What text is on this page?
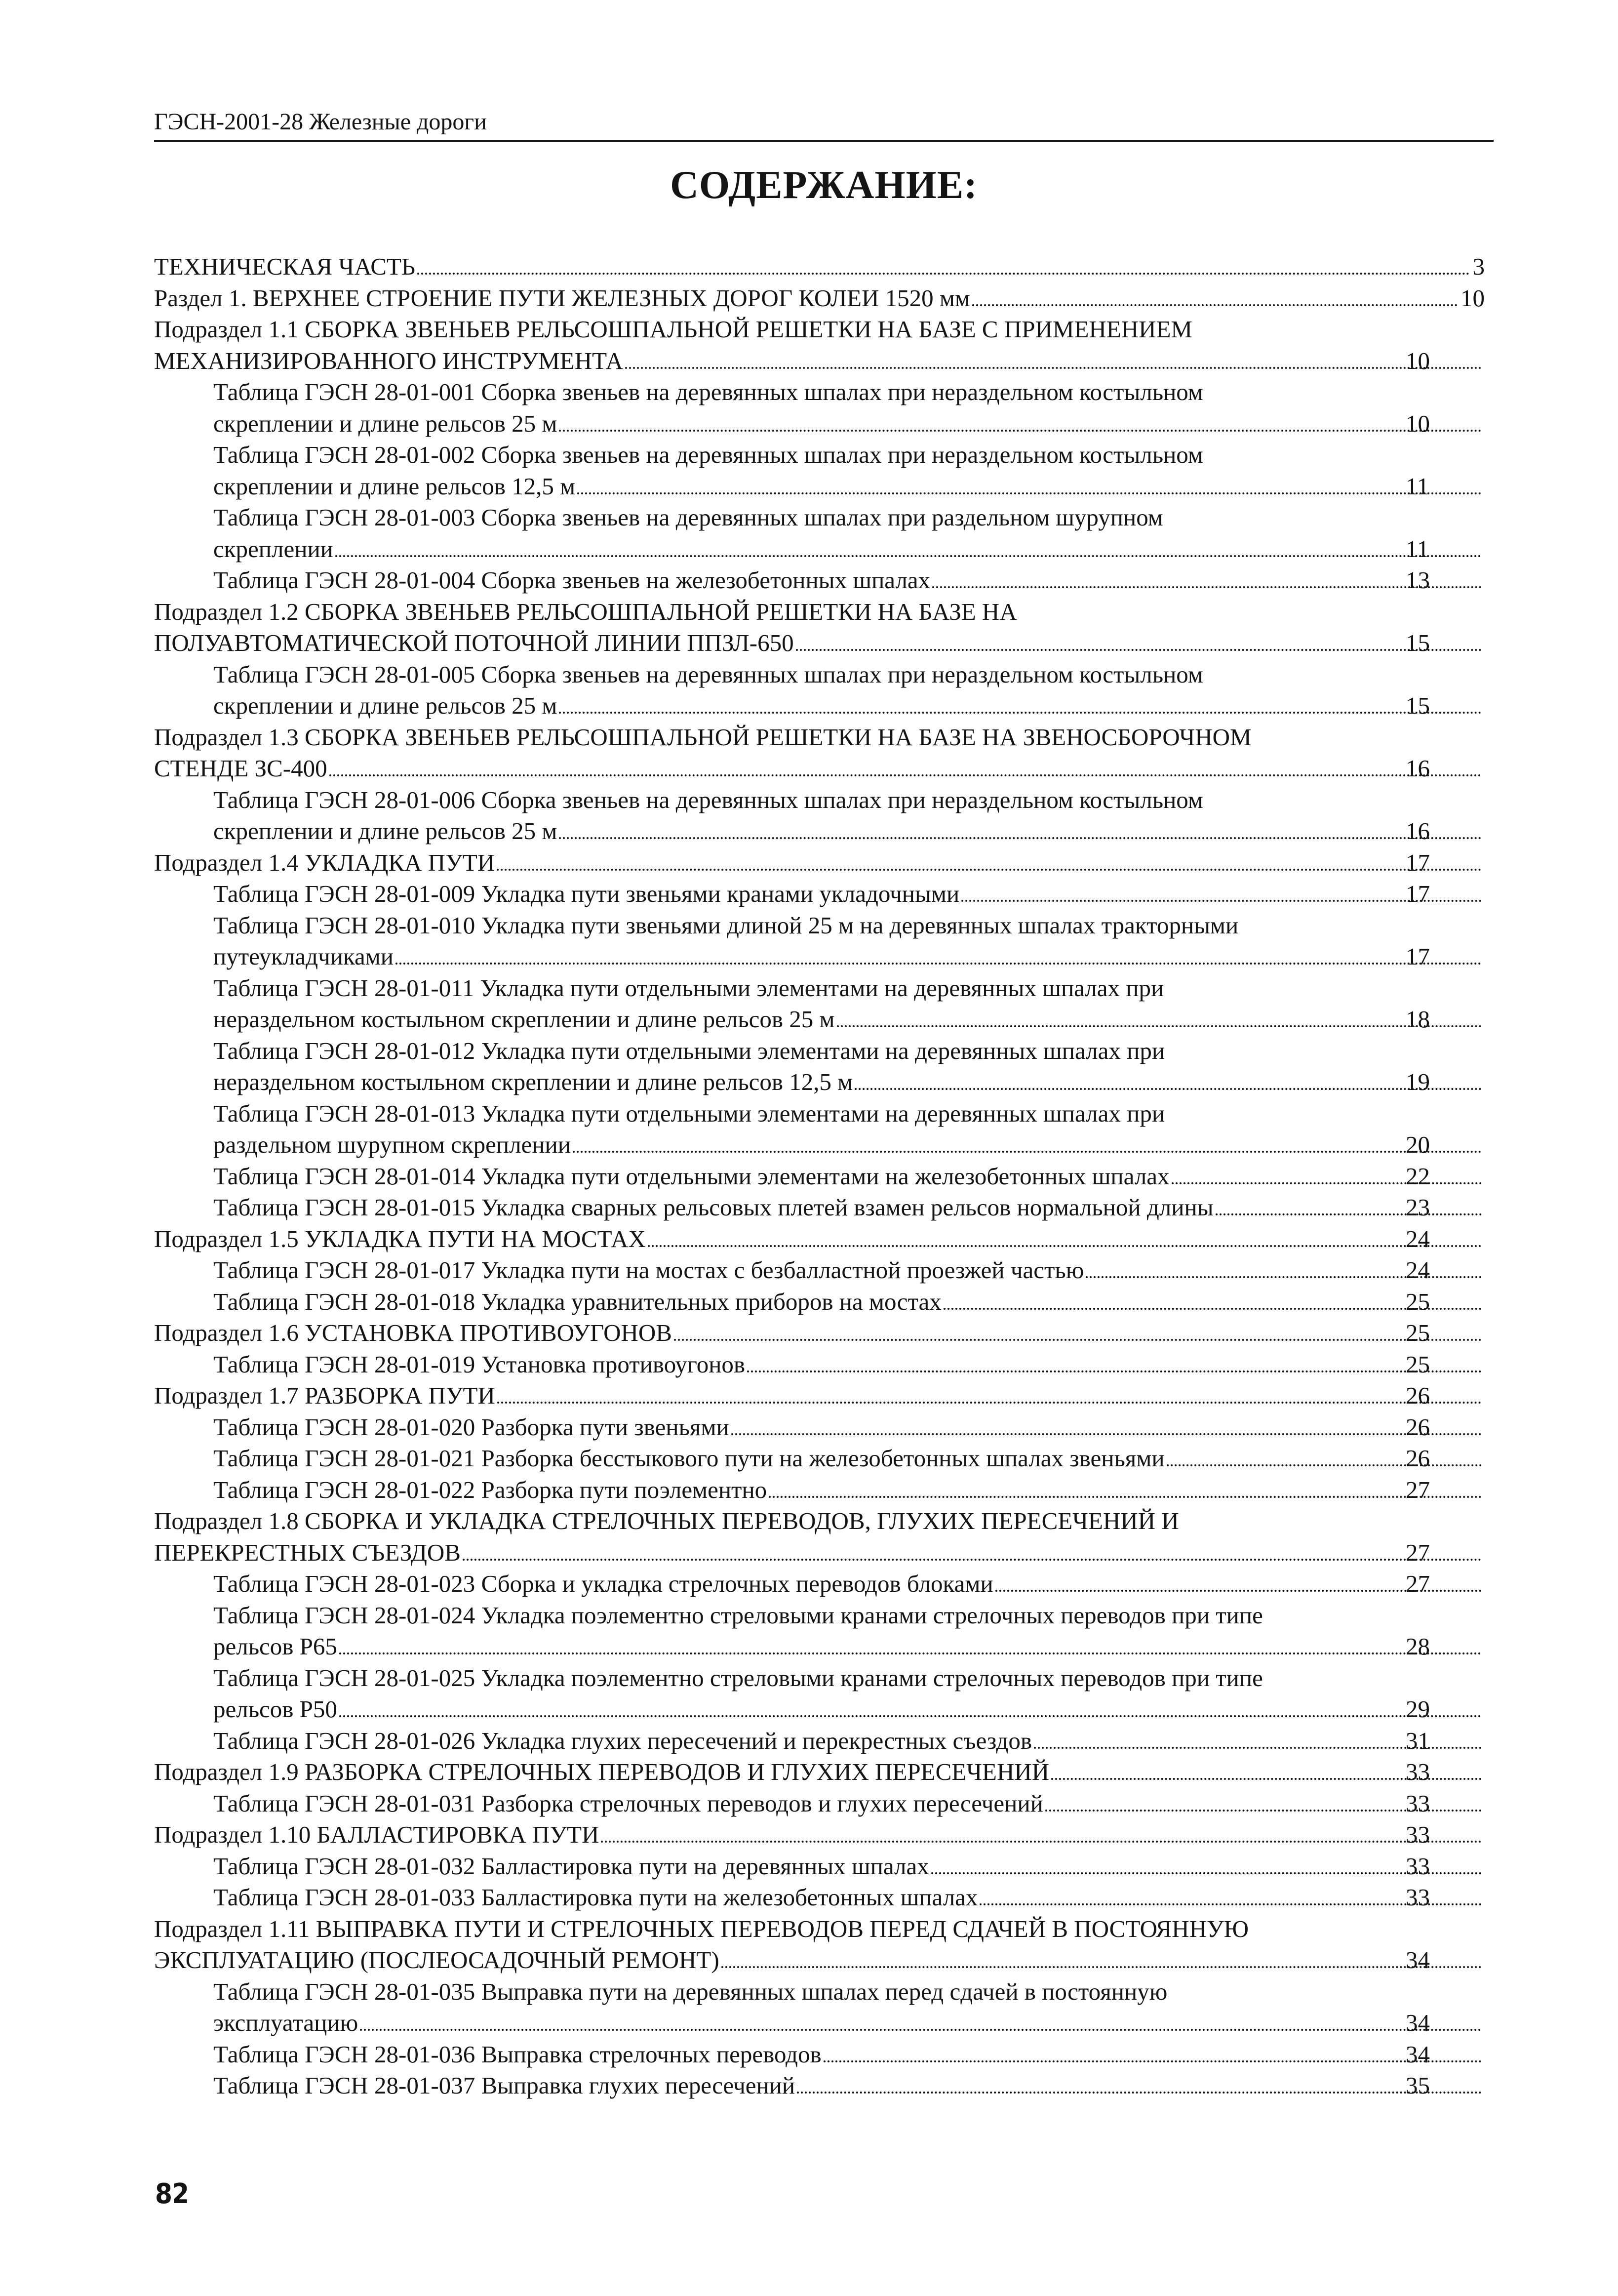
ГЭСН-2001-28 Железные дороги
СОДЕРЖАНИЕ:
ТЕХНИЧЕСКАЯ ЧАСТЬ	3
Раздел 1. ВЕРХНЕЕ СТРОЕНИЕ ПУТИ ЖЕЛЕЗНЫХ ДОРОГ КОЛЕИ 1520 мм	10
Подраздел 1.1 СБОРКА ЗВЕНЬЕВ РЕЛЬСОШПАЛЬНОЙ РЕШЕТКИ НА БАЗЕ С ПРИМЕНЕНИЕМ
МЕХАНИЗИРОВАННОГО ИНСТРУМЕНТА	10
Таблица ГЭСН 28-01-001 Сборка звеньев на деревянных шпалах при нераздельном костыльном
скреплении и длине рельсов 25 м	10
Таблица ГЭСН 28-01-002 Сборка звеньев на деревянных шпалах при нераздельном костыльном
скреплении и длине рельсов 12,5 м	11
Таблица ГЭСН 28-01-003 Сборка звеньев на деревянных шпалах при раздельном шурупном
скреплении	11
Таблица ГЭСН 28-01-004 Сборка звеньев на железобетонных шпалах	13
Подраздел 1.2 СБОРКА ЗВЕНЬЕВ РЕЛЬСОШПАЛЬНОЙ РЕШЕТКИ НА БАЗЕ НА
ПОЛУАВТОМАТИЧЕСКОЙ ПОТОЧНОЙ ЛИНИИ ППЗЛ-650	15
Таблица ГЭСН 28-01-005 Сборка звеньев на деревянных шпалах при нераздельном костыльном
скреплении и длине рельсов 25 м	15
Подраздел 1.3 СБОРКА ЗВЕНЬЕВ РЕЛЬСОШПАЛЬНОЙ РЕШЕТКИ НА БАЗЕ НА ЗВЕНОСБОРОЧНОМ
СТЕНДЕ ЗС-400	16
Таблица ГЭСН 28-01-006 Сборка звеньев на деревянных шпалах при нераздельном костыльном
скреплении и длине рельсов 25 м	16
Подраздел 1.4 УКЛАДКА ПУТИ	17
Таблица ГЭСН 28-01-009 Укладка пути звеньями кранами укладочными	17
Таблица ГЭСН 28-01-010 Укладка пути звеньями длиной 25 м на деревянных шпалах тракторными
путеукладчиками	17
Таблица ГЭСН 28-01-011 Укладка пути отдельными элементами на деревянных шпалах при
нераздельном костыльном скреплении и длине рельсов 25 м	18
Таблица ГЭСН 28-01-012 Укладка пути отдельными элементами на деревянных шпалах при
нераздельном костыльном скреплении и длине рельсов 12,5 м	19
Таблица ГЭСН 28-01-013 Укладка пути отдельными элементами на деревянных шпалах при
раздельном шурупном скреплении	20
Таблица ГЭСН 28-01-014 Укладка пути отдельными элементами на железобетонных шпалах	22
Таблица ГЭСН 28-01-015 Укладка сварных рельсовых плетей взамен рельсов нормальной длины	23
Подраздел 1.5 УКЛАДКА ПУТИ НА МОСТАХ	24
Таблица ГЭСН 28-01-017 Укладка пути на мостах с безбалластной проезжей частью	24
Таблица ГЭСН 28-01-018 Укладка уравнительных приборов на мостах	25
Подраздел 1.6 УСТАНОВКА ПРОТИВОУГОНОВ	25
Таблица ГЭСН 28-01-019 Установка противоугонов	25
Подраздел 1.7 РАЗБОРКА ПУТИ	26
Таблица ГЭСН 28-01-020 Разборка пути звеньями	26
Таблица ГЭСН 28-01-021 Разборка бесстыкового пути на железобетонных шпалах звеньями	26
Таблица ГЭСН 28-01-022 Разборка пути поэлементно	27
Подраздел 1.8 СБОРКА И УКЛАДКА СТРЕЛОЧНЫХ ПЕРЕВОДОВ, ГЛУХИХ ПЕРЕСЕЧЕНИЙ И
ПЕРЕКРЕСТНЫХ СЪЕЗДОВ	27
Таблица ГЭСН 28-01-023 Сборка и укладка стрелочных переводов блоками	27
Таблица ГЭСН 28-01-024 Укладка поэлементно стреловыми кранами стрелочных переводов при типе
рельсов Р65	28
Таблица ГЭСН 28-01-025 Укладка поэлементно стреловыми кранами стрелочных переводов при типе
рельсов Р50	29
Таблица ГЭСН 28-01-026 Укладка глухих пересечений и перекрестных съездов	31
Подраздел 1.9 РАЗБОРКА СТРЕЛОЧНЫХ ПЕРЕВОДОВ И ГЛУХИХ ПЕРЕСЕЧЕНИЙ	33
Таблица ГЭСН 28-01-031 Разборка стрелочных переводов и глухих пересечений	33
Подраздел 1.10 БАЛЛАСТИРОВКА ПУТИ	33
Таблица ГЭСН 28-01-032 Балластировка пути на деревянных шпалах	33
Таблица ГЭСН 28-01-033 Балластировка пути на железобетонных шпалах	33
Подраздел 1.11 ВЫПРАВКА ПУТИ И СТРЕЛОЧНЫХ ПЕРЕВОДОВ ПЕРЕД СДАЧЕЙ В ПОСТОЯННУЮ
ЭКСПЛУАТАЦИЮ (ПОСЛЕОСАДОЧНЫЙ РЕМОНТ)	34
Таблица ГЭСН 28-01-035 Выправка пути на деревянных шпалах перед сдачей в постоянную
эксплуатацию	34
Таблица ГЭСН 28-01-036 Выправка стрелочных переводов	34
Таблица ГЭСН 28-01-037 Выправка глухих пересечений	35
82
